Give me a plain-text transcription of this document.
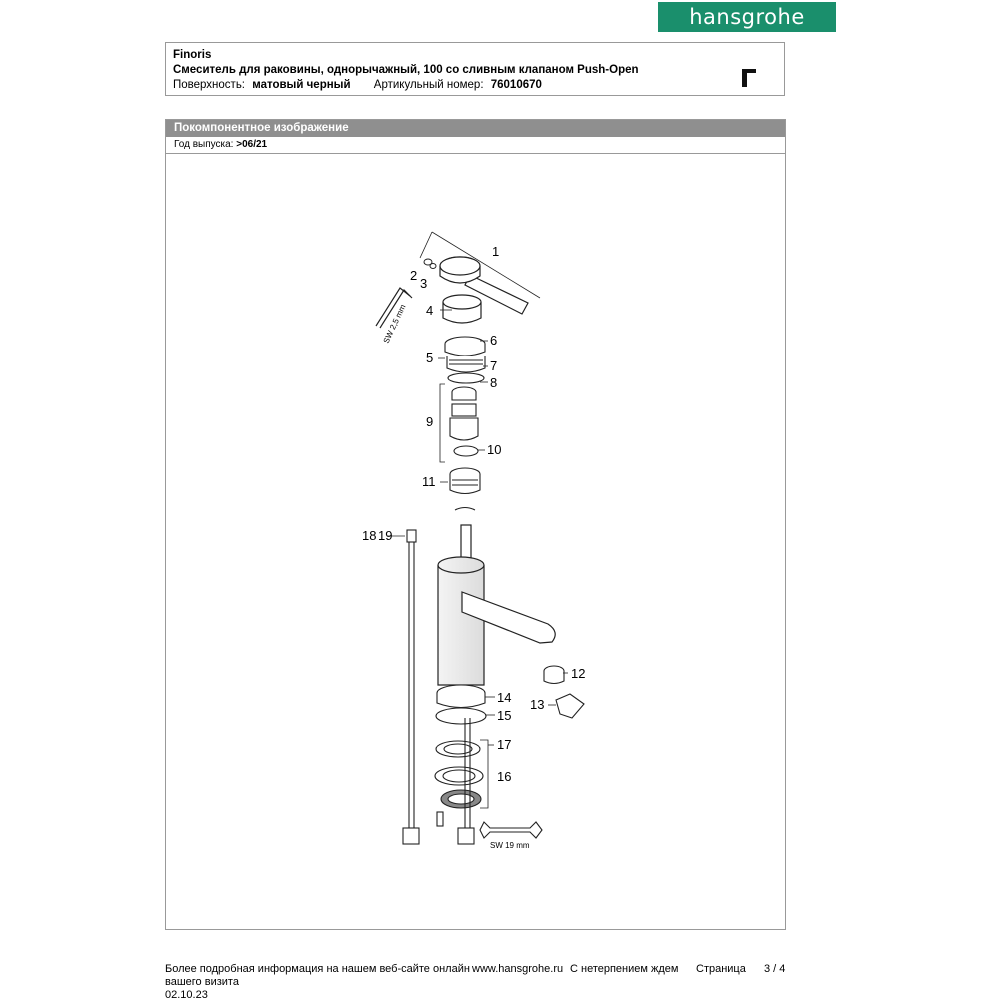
hansgrohe
Finoris
Смеситель для раковины, однорычажный, 100 со сливным клапаном Push-Open
Поверхность: матовый черный Артикульный номер: 76010670
Покомпонентное изображение
Год выпуска: >06/21
1
2
3
4
5
6
7
8
9
10
11
12
13
14
15
16
17
18 19
SW 2,5 mm
SW 19 mm
Более подробная информация на нашем веб-сайте онлайн www.hansgrohe.ru С нетерпением ждем Страница 3 / 4
вашего визита
02.10.23
